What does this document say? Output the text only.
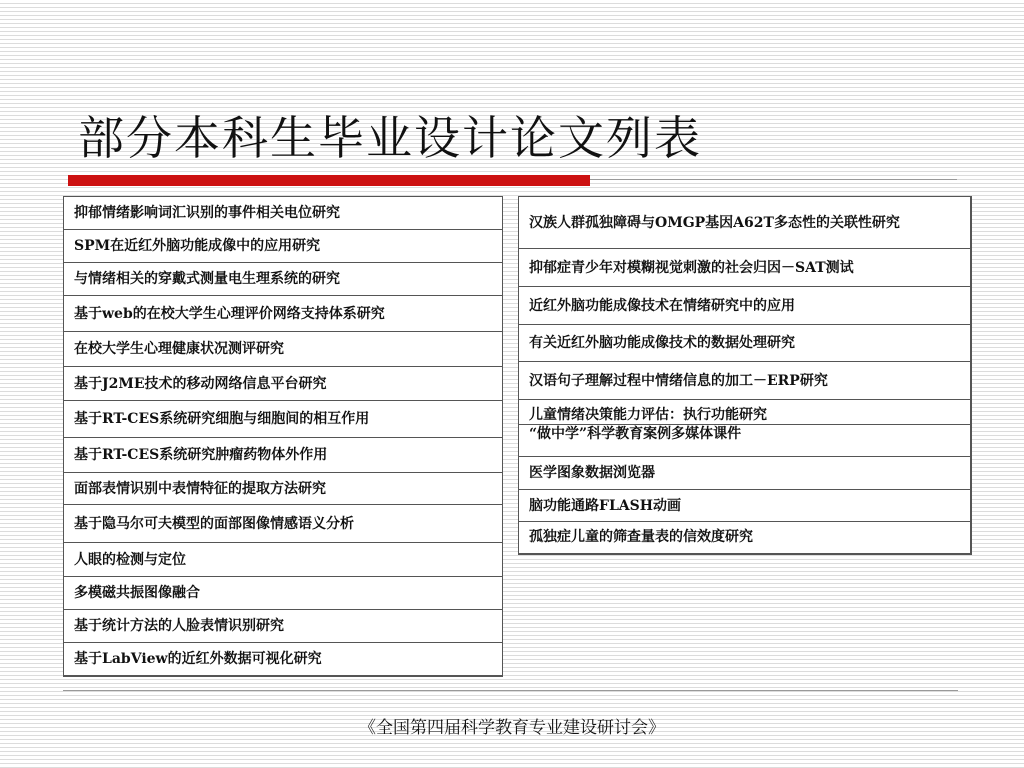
部分本科生毕业设计论文列表
抑郁情绪影响词汇识别的事件相关电位研究
SPM在近红外脑功能成像中的应用研究
与情绪相关的穿戴式测量电生理系统的研究
基于web的在校大学生心理评价网络支持体系研究
在校大学生心理健康状况测评研究
基于J2ME技术的移动网络信息平台研究
基于RT-CES系统研究细胞与细胞间的相互作用
基于RT-CES系统研究肿瘤药物体外作用
面部表情识别中表情特征的提取方法研究
基于隐马尔可夫模型的面部图像情感语义分析
人眼的检测与定位
多模磁共振图像融合
基于统计方法的人脸表情识别研究
基于LabView的近红外数据可视化研究
汉族人群孤独障碍与OMGP基因A62T多态性的关联性研究

抑郁症青少年对模糊视觉刺激的社会归因－SAT测试
近红外脑功能成像技术在情绪研究中的应用
有关近红外脑功能成像技术的数据处理研究
汉语句子理解过程中情绪信息的加工－ERP研究
儿童情绪决策能力评估：执行功能研究
“做中学”科学教育案例多媒体课件
医学图象数据浏览器
脑功能通路FLASH动画
孤独症儿童的筛查量表的信效度研究
《全国第四届科学教育专业建设研讨会》
